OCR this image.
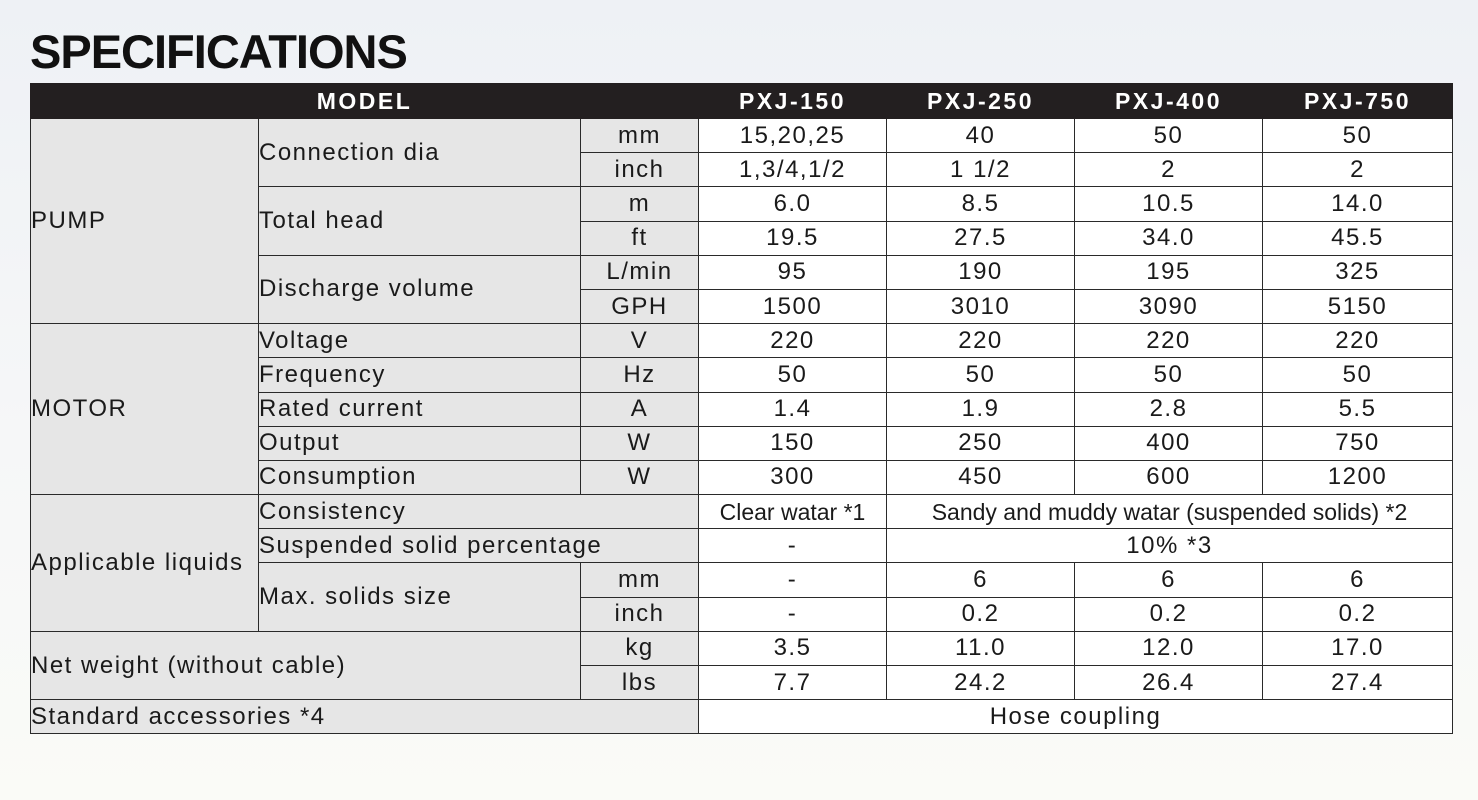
SPECIFICATIONS
MODEL			PXJ-150	PXJ-250	PXJ-400	PXJ-750
PUMP	Connection dia	mm	15,20,25	40	50	50
		inch	1,3/4,1/2	1 1/2	2	2
	Total head	m	6.0	8.5	10.5	14.0
		ft	19.5	27.5	34.0	45.5
	Discharge volume	L/min	95	190	195	325
		GPH	1500	3010	3090	5150
MOTOR	Voltage	V	220	220	220	220
	Frequency	Hz	50	50	50	50
	Rated current	A	1.4	1.9	2.8	5.5
	Output	W	150	250	400	750
	Consumption	W	300	450	600	1200
Applicable liquids	Consistency		Clear watar *1	Sandy and muddy watar (suspended solids) *2		
	Suspended solid percentage		-	10% *3		
	Max. solids size	mm	-	6	6	6
		inch	-	0.2	0.2	0.2
Net weight (without cable)		kg	3.5	11.0	12.0	17.0
		lbs	7.7	24.2	26.4	27.4
Standard accessories *4			Hose coupling			
